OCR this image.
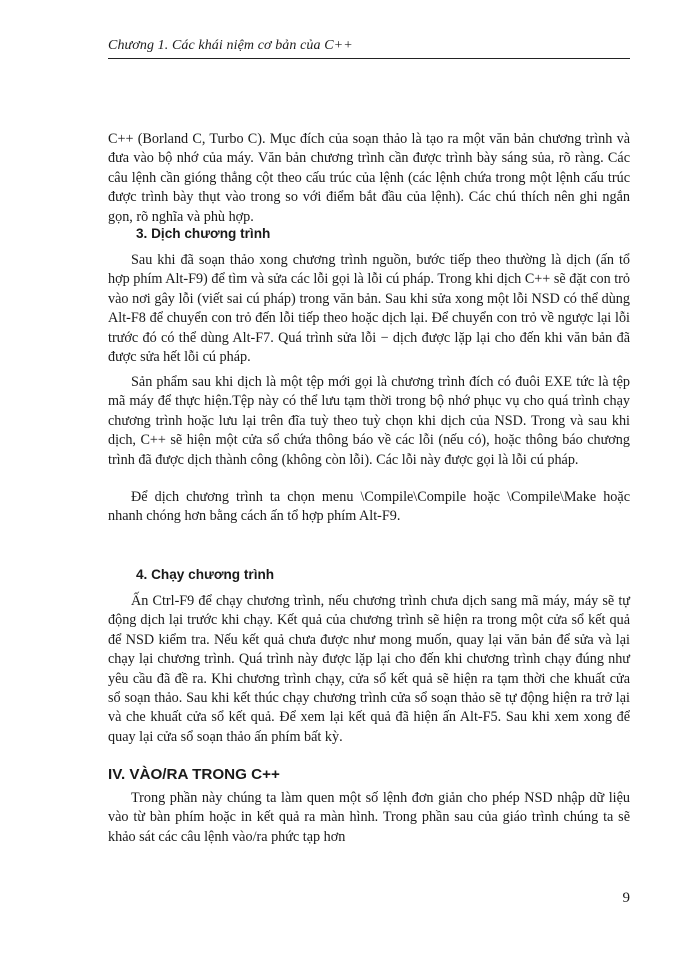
Chương 1. Các khái niệm cơ bản của C++

C++ (Borland C, Turbo C). Mục đích của soạn thảo là tạo ra một văn bản chương trình và đưa vào bộ nhớ của máy. Văn bản chương trình cần được trình bày sáng sủa, rõ ràng. Các câu lệnh cần gióng thẳng cột theo cấu trúc của lệnh (các lệnh chứa trong một lệnh cấu trúc được trình bày thụt vào trong so với điểm bắt đầu của lệnh). Các chú thích nên ghi ngắn gọn, rõ nghĩa và phù hợp.

3. Dịch chương trình

Sau khi đã soạn thảo xong chương trình nguồn, bước tiếp theo thường là dịch (ấn tổ hợp phím Alt-F9) để tìm và sửa các lỗi gọi là lỗi cú pháp. Trong khi dịch C++ sẽ đặt con trỏ vào nơi gây lỗi (viết sai cú pháp) trong văn bản. Sau khi sửa xong một lỗi NSD có thể dùng Alt-F8 để chuyển con trỏ đến lỗi tiếp theo hoặc dịch lại. Để chuyển con trỏ về ngược lại lỗi trước đó có thể dùng Alt-F7. Quá trình sửa lỗi − dịch được lặp lại cho đến khi văn bản đã được sửa hết lỗi cú pháp.

Sản phẩm sau khi dịch là một tệp mới gọi là chương trình đích có đuôi EXE tức là tệp mã máy để thực hiện.Tệp này có thể lưu tạm thời trong bộ nhớ phục vụ cho quá trình chạy chương trình hoặc lưu lại trên đĩa tuỳ theo tuỳ chọn khi dịch của NSD. Trong và sau khi dịch, C++ sẽ hiện một cửa sổ chứa thông báo về các lỗi (nếu có), hoặc thông báo chương trình đã được dịch thành công (không còn lỗi). Các lỗi này được gọi là lỗi cú pháp.

Để dịch chương trình ta chọn menu \Compile\Compile hoặc \Compile\Make hoặc nhanh chóng hơn bằng cách ấn tổ hợp phím Alt-F9.

4. Chạy chương trình

Ấn Ctrl-F9 để chạy chương trình, nếu chương trình chưa dịch sang mã máy, máy sẽ tự động dịch lại trước khi chạy. Kết quả của chương trình sẽ hiện ra trong một cửa sổ kết quả để NSD kiểm tra. Nếu kết quả chưa được như mong muốn, quay lại văn bản để sửa và lại chạy lại chương trình. Quá trình này được lặp lại cho đến khi chương trình chạy đúng như yêu cầu đã đề ra. Khi chương trình chạy, cửa sổ kết quả sẽ hiện ra tạm thời che khuất cửa sổ soạn thảo. Sau khi kết thúc chạy chương trình cửa sổ soạn thảo sẽ tự động hiện ra trở lại và che khuất cửa sổ kết quả. Để xem lại kết quả đã hiện ấn Alt-F5. Sau khi xem xong để quay lại cửa sổ soạn thảo ấn phím bất kỳ.

IV. VÀO/RA TRONG C++

Trong phần này chúng ta làm quen một số lệnh đơn giản cho phép NSD nhập dữ liệu vào từ bàn phím hoặc in kết quả ra màn hình. Trong phần sau của giáo trình chúng ta sẽ khảo sát các câu lệnh vào/ra phức tạp hơn

9
